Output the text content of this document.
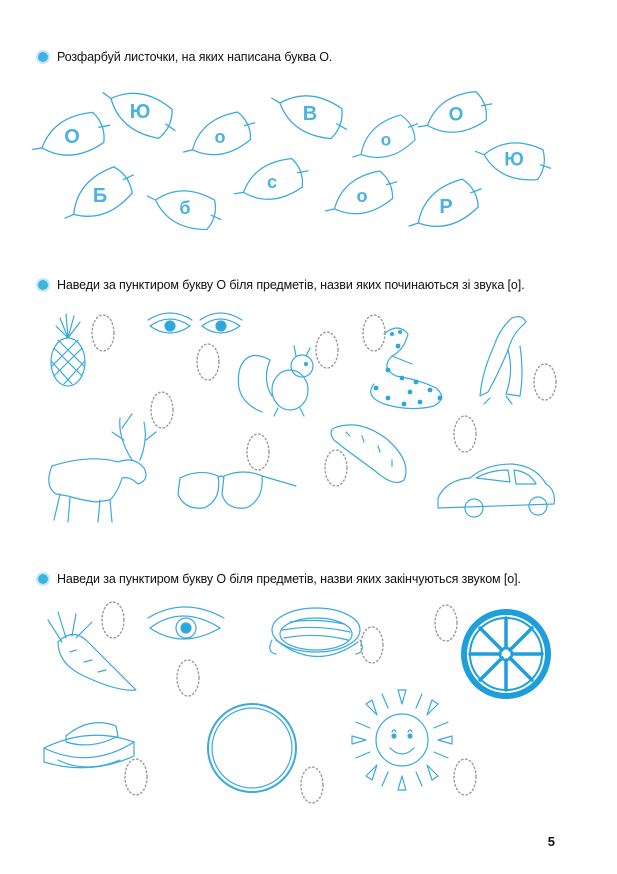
Розфарбуй листочки, на яких написана буква О.
Наведи за пунктиром букву О біля предметів, назви яких починаються зі звука [о].
Наведи за пунктиром букву О біля предметів, назви яких закінчуються звуком [о].
О
Ю
о
В
о
О
Ю
Б
б
с
о	Р
5
